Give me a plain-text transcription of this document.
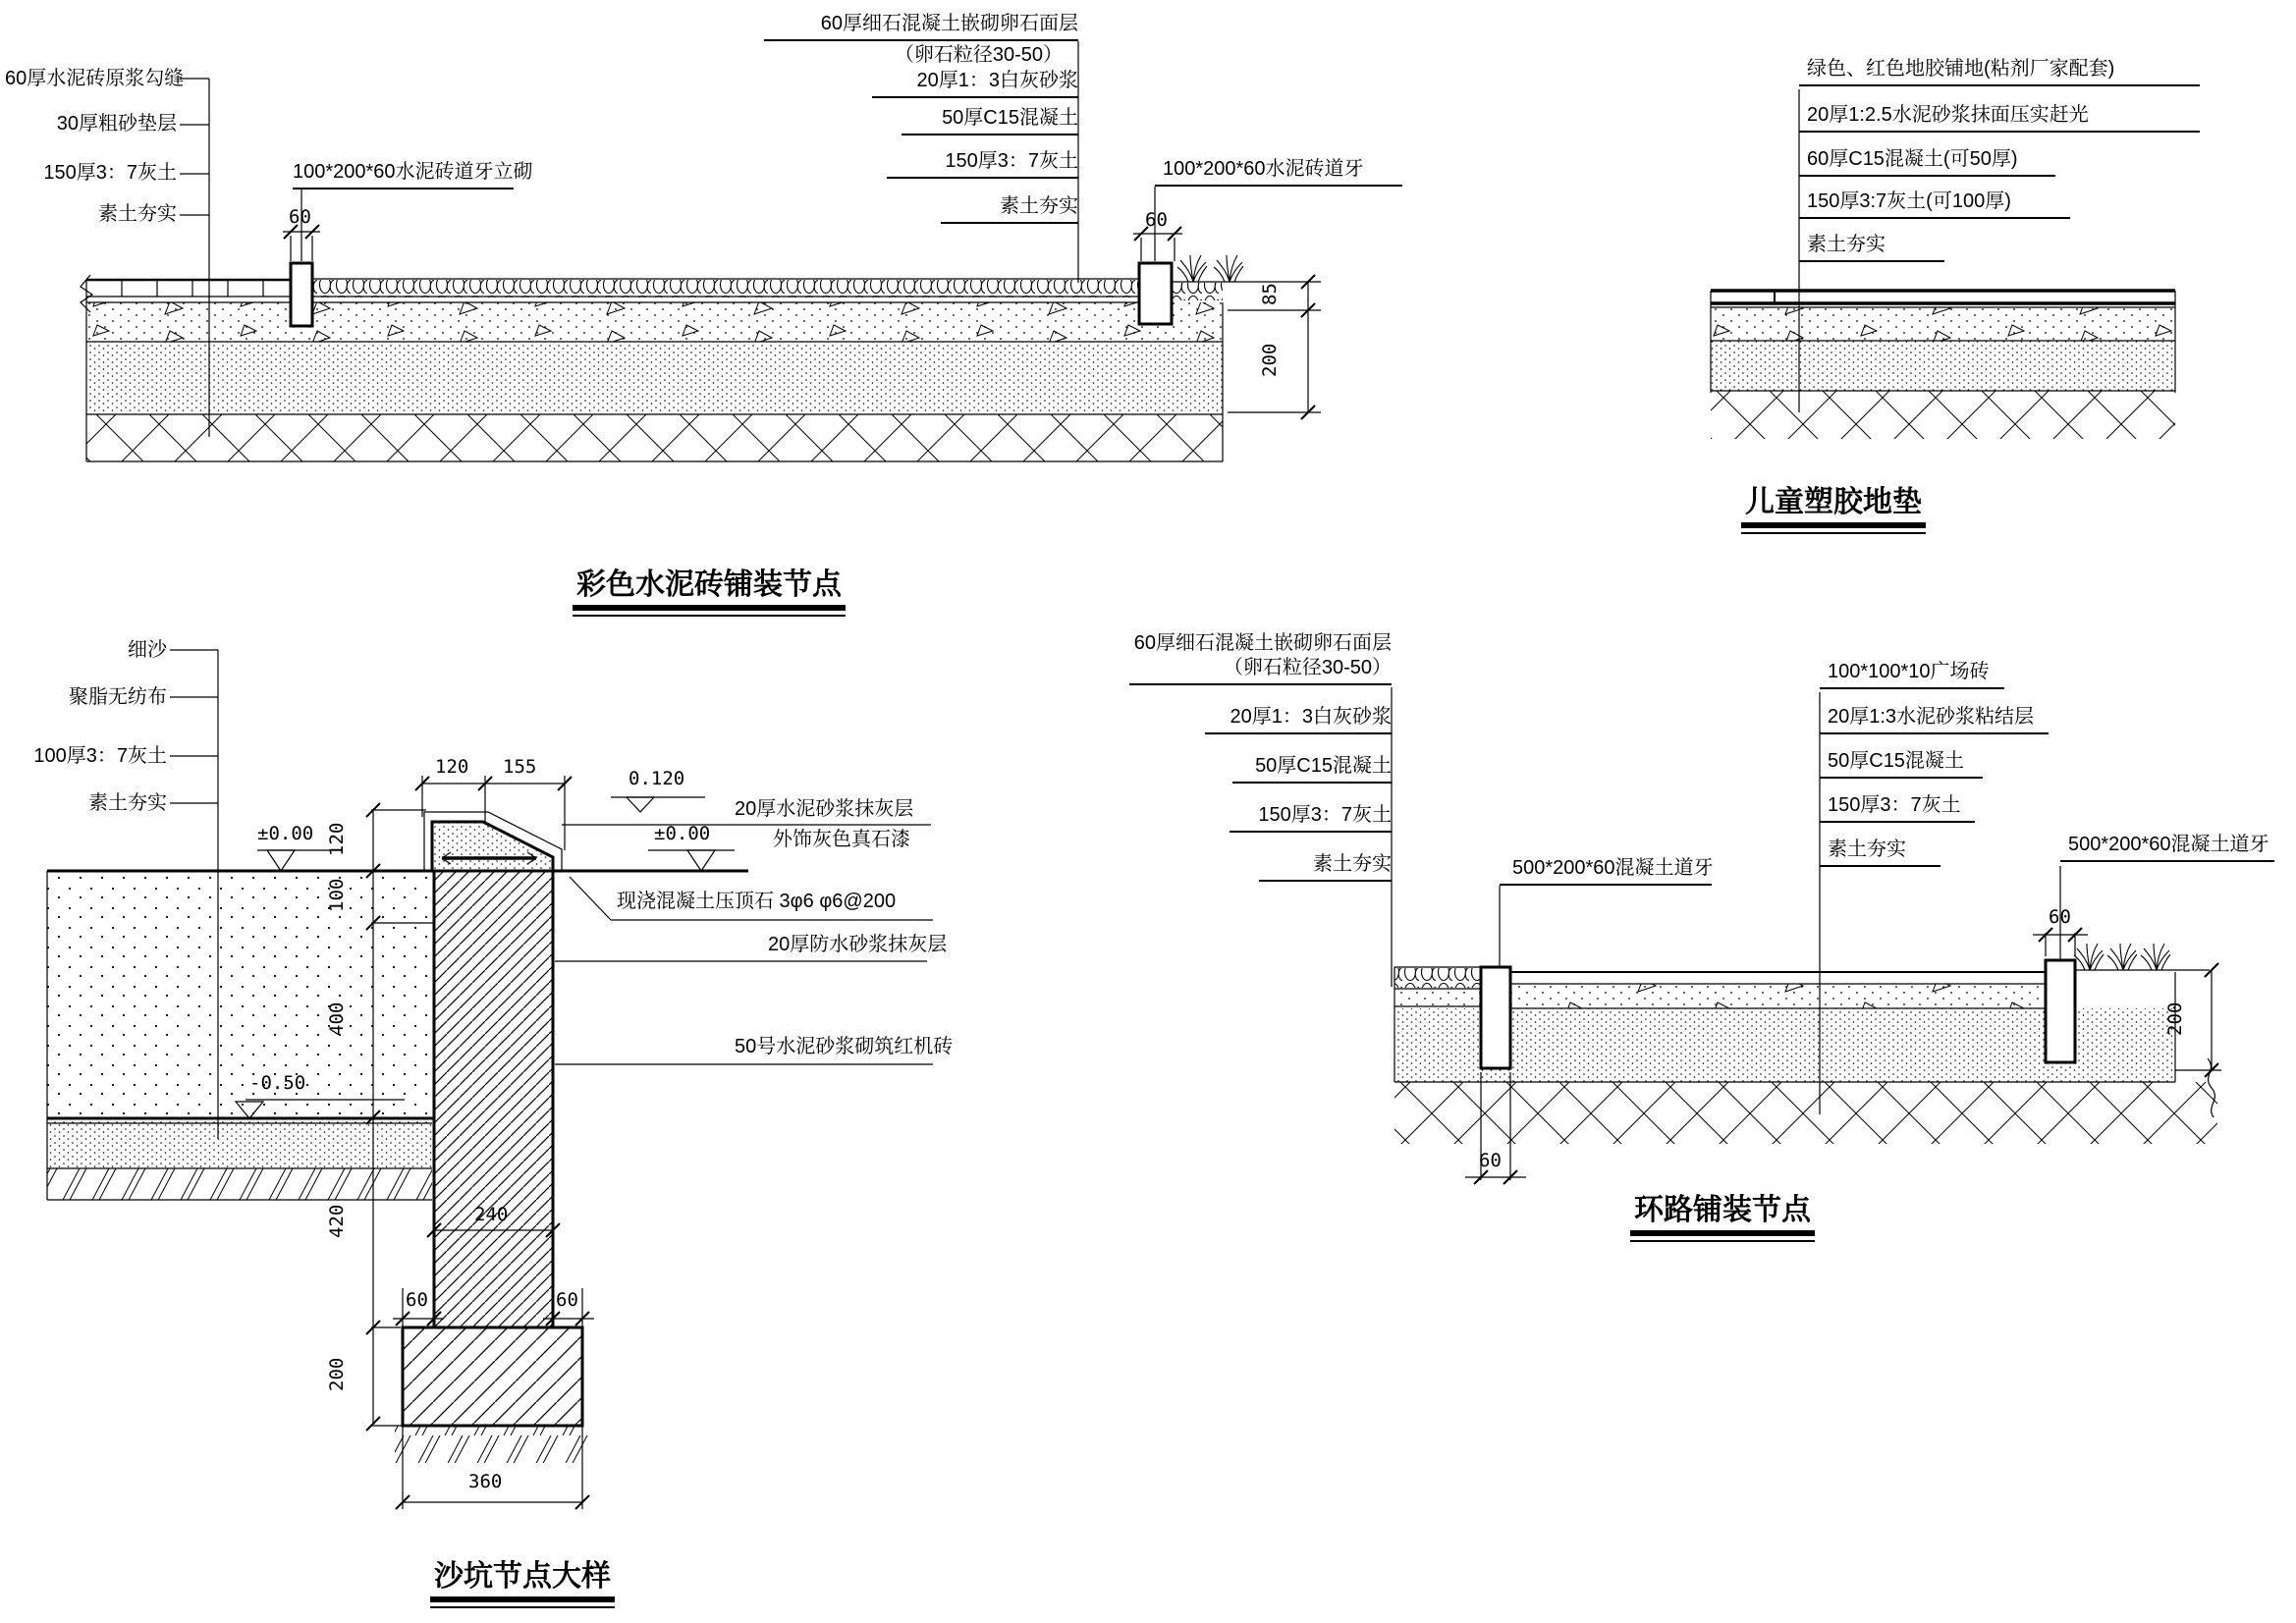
60厚水泥砖原浆勾缝
30厚粗砂垫层
150厚3：7灰土
素土夯实
100*200*60水泥砖道牙立砌	100*200*60水泥砖道牙
60厚细石混凝土嵌砌卵石面层
（卵石粒径30-50）
20厚1：3白灰砂浆
50厚C15混凝土
150厚3：7灰土
素土夯实
60	60
85
200
彩色水泥砖铺装节点
绿色、红色地胶铺地(粘剂厂家配套)
20厚1:2.5水泥砂浆抹面压实赶光
60厚C15混凝土(可50厚)
150厚3:7灰土(可100厚)
素土夯实
儿童塑胶地垫
细沙
聚脂无纺布
100厚3：7灰土
素土夯实	20厚水泥砂浆抹灰层
外饰灰色真石漆
现浇混凝土压顶石 3φ6 φ6@200
20厚防水砂浆抹灰层
50号水泥砂浆砌筑红机砖
0.120
±0.00	±0.00
-0.50
120 155
120
100
400
420
200
240
60	60
360
沙坑节点大样
60厚细石混凝土嵌砌卵石面层
（卵石粒径30-50）
20厚1：3白灰砂浆
50厚C15混凝土
150厚3：7灰土
素土夯实
100*100*10广场砖
20厚1:3水泥砂浆粘结层
50厚C15混凝土
150厚3：7灰土
素土夯实
500*200*60混凝土道牙
500*200*60混凝土道牙
60
60
200
环路铺装节点
